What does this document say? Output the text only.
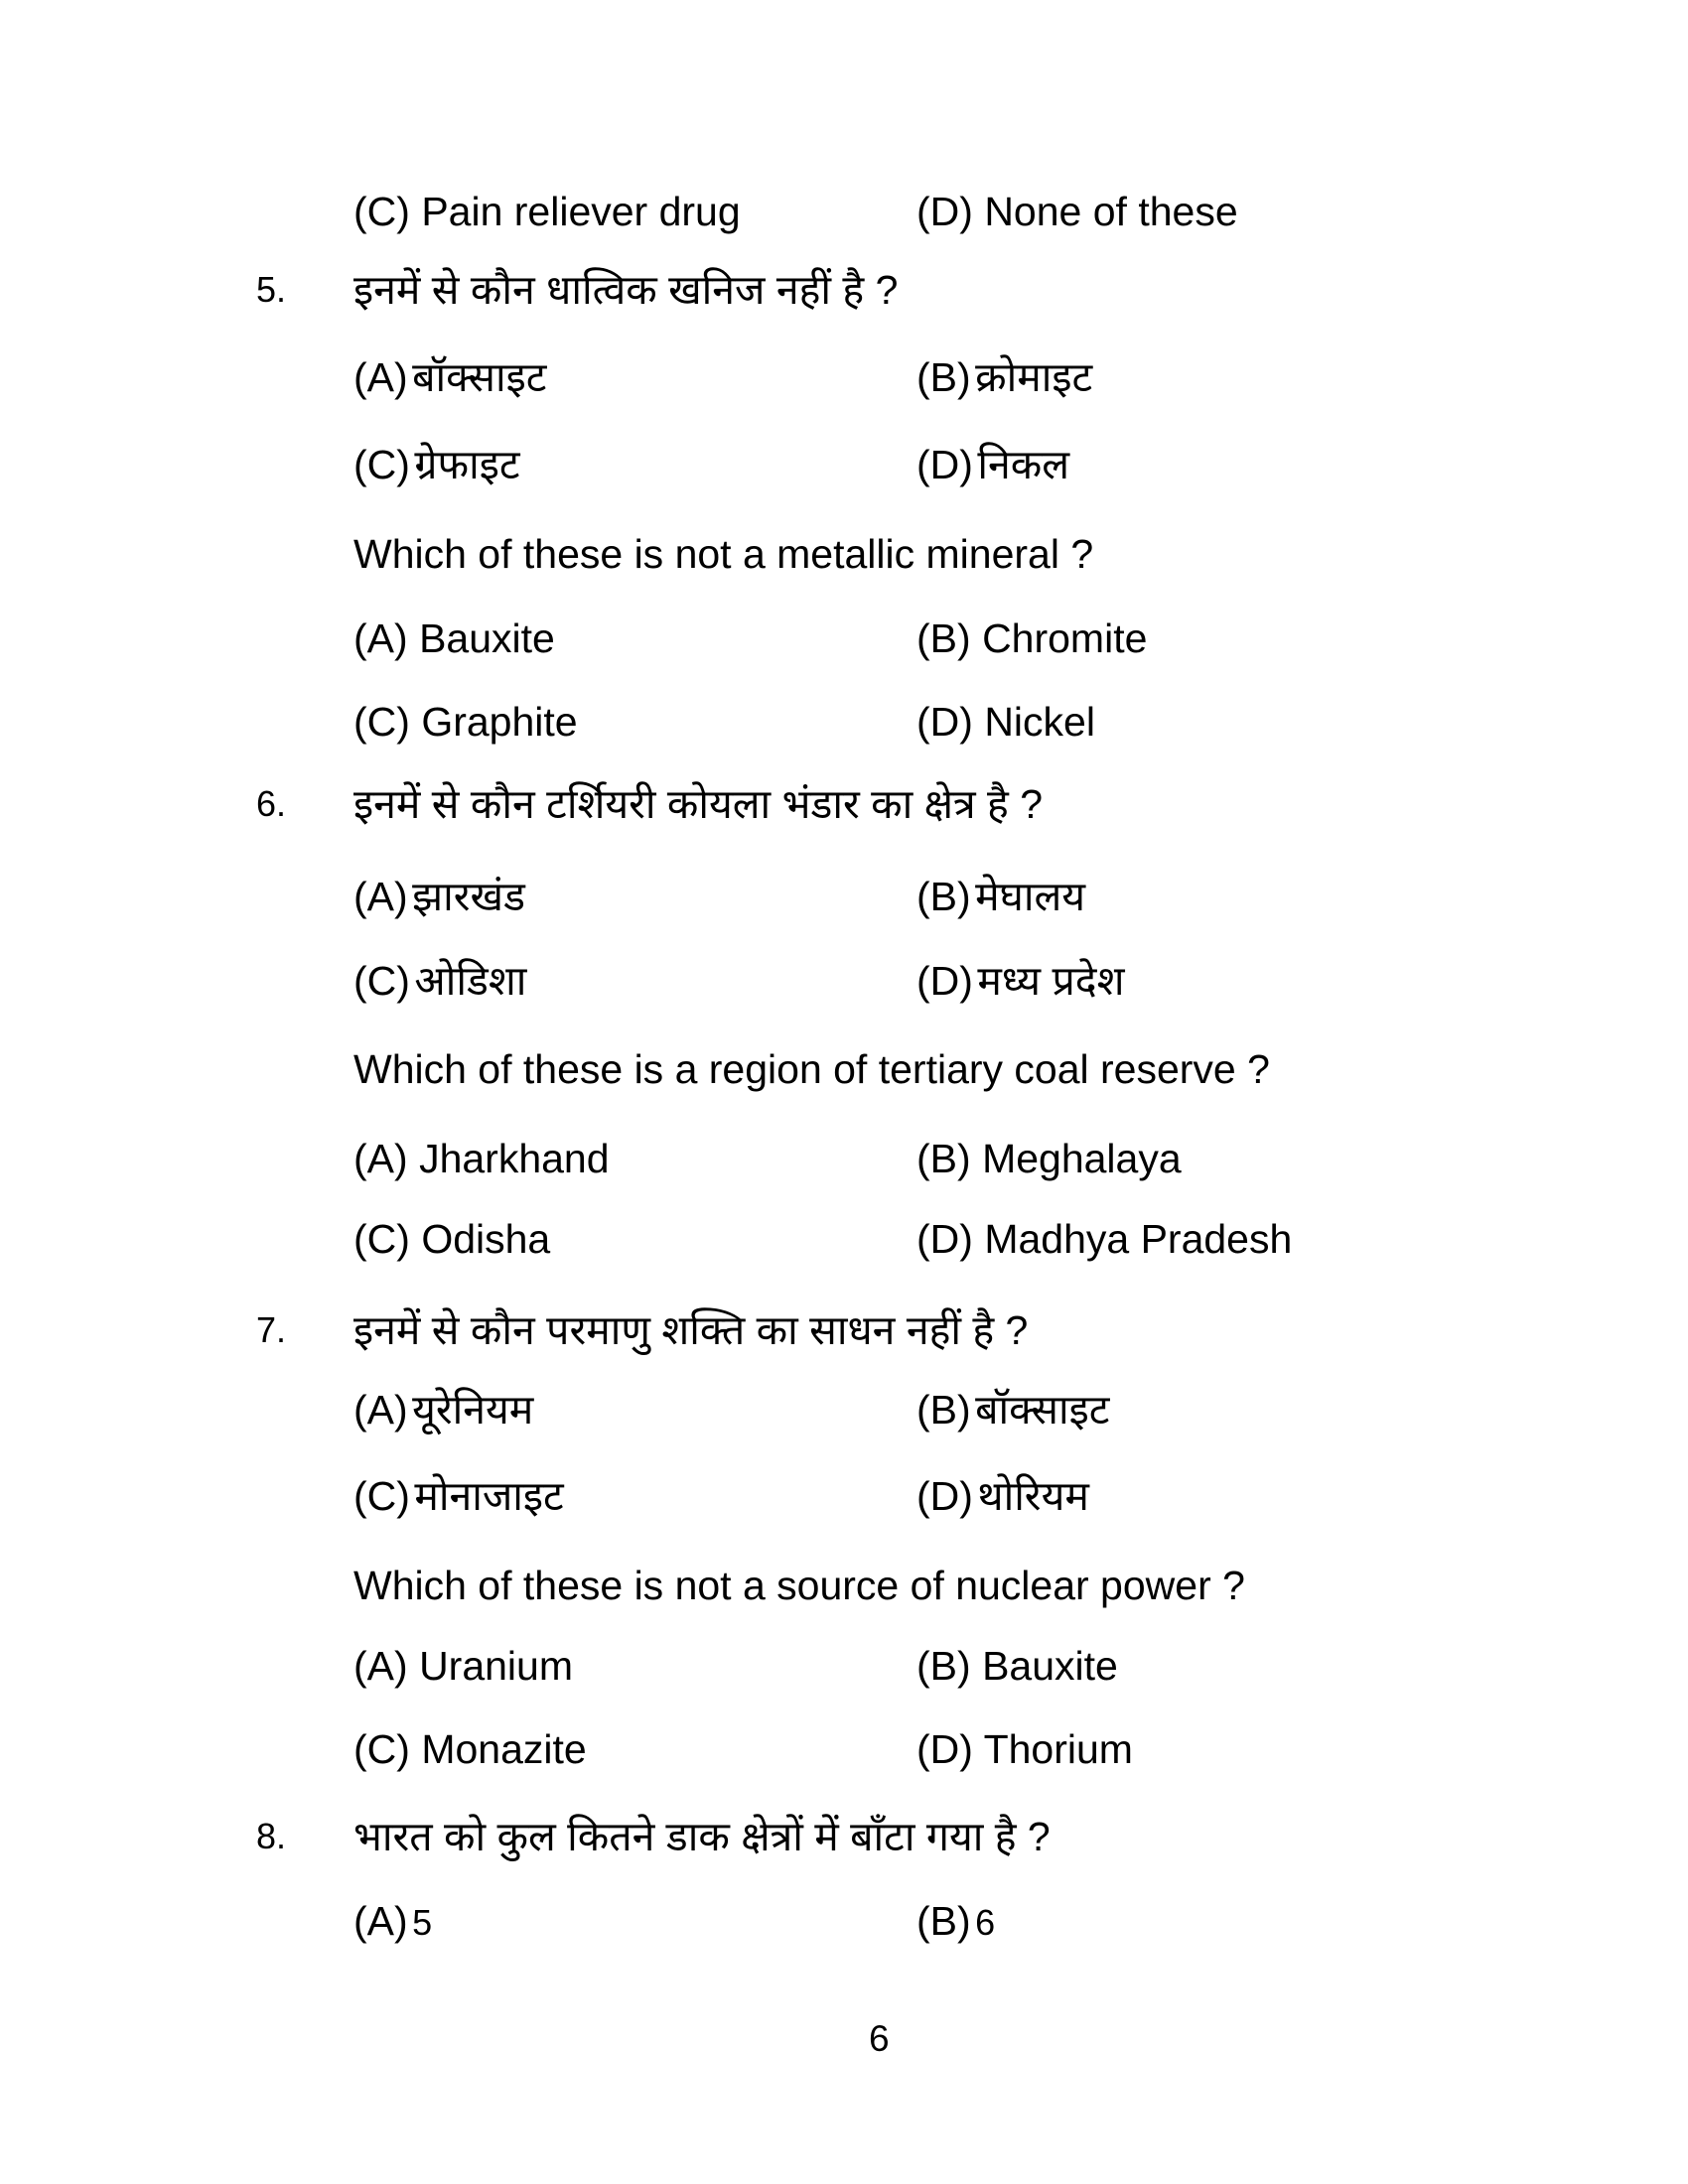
(C) Pain reliever drug	(D) None of these
5. इनमें से कौन धात्विक खनिज नहीं है ?
(A) बॉक्साइट	(B) क्रोमाइट
(C) ग्रेफाइट	(D) निकल
Which of these is not a metallic mineral ?
(A) Bauxite	(B) Chromite
(C) Graphite	(D) Nickel
6. इनमें से कौन टर्शियरी कोयला भंडार का क्षेत्र है ?
(A) झारखंड	(B) मेघालय
(C) ओडिशा	(D) मध्य प्रदेश
Which of these is a region of tertiary coal reserve ?
(A) Jharkhand	(B) Meghalaya
(C) Odisha	(D) Madhya Pradesh
7. इनमें से कौन परमाणु शक्ति का साधन नहीं है ?
(A) यूरेनियम	(B) बॉक्साइट
(C) मोनाजाइट	(D) थोरियम
Which of these is not a source of nuclear power ?
(A) Uranium	(B) Bauxite
(C) Monazite	(D) Thorium
8. भारत को कुल कितने डाक क्षेत्रों में बाँटा गया है ?
(A) 5	(B) 6
6
